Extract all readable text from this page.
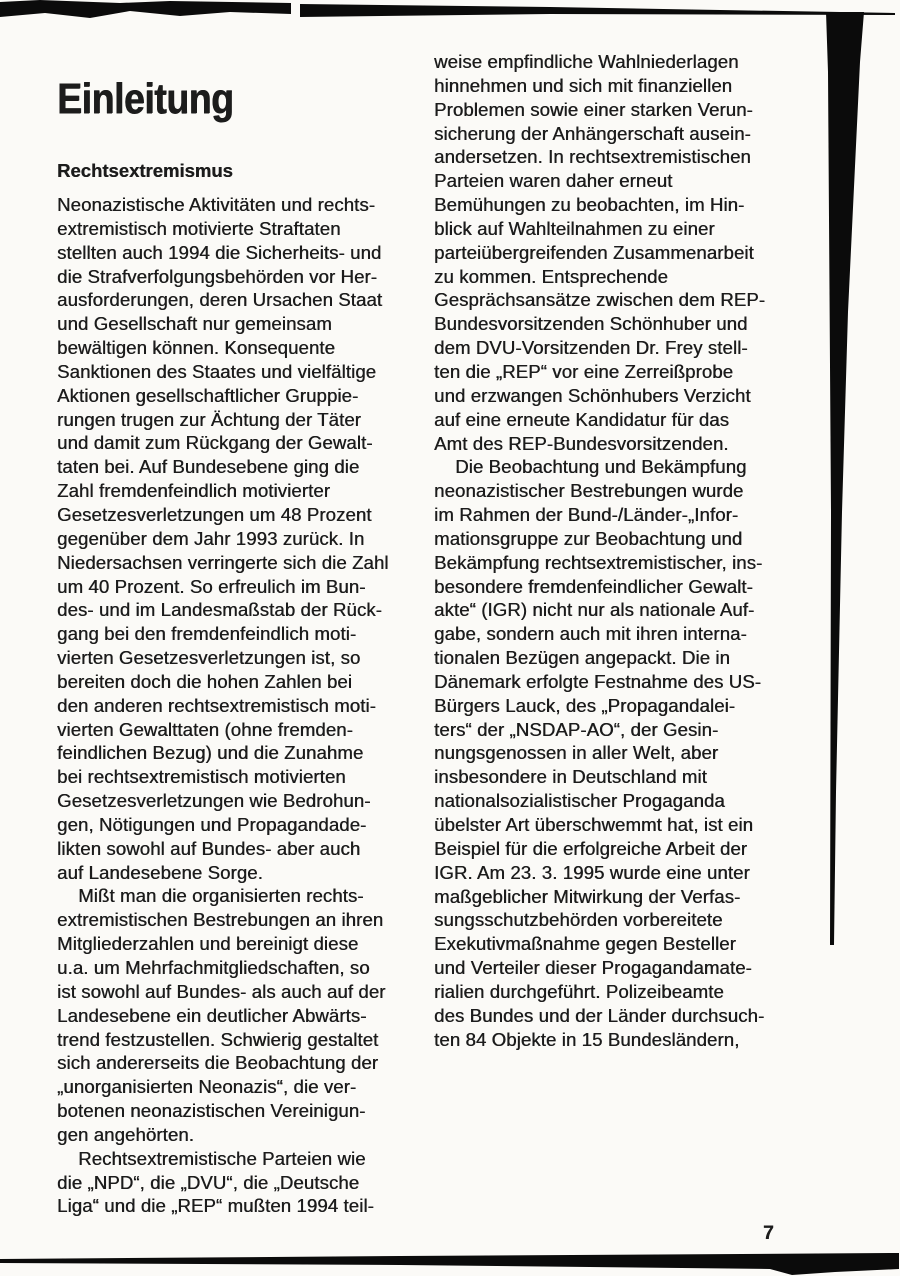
Einleitung
Rechtsextremismus
Neonazistische Aktivitäten und rechts-
extremistisch motivierte Straftaten
stellten auch 1994 die Sicherheits- und
die Strafverfolgungsbehörden vor Her-
ausforderungen, deren Ursachen Staat
und Gesellschaft nur gemeinsam
bewältigen können. Konsequente
Sanktionen des Staates und vielfältige
Aktionen gesellschaftlicher Gruppie-
rungen trugen zur Ächtung der Täter
und damit zum Rückgang der Gewalt-
taten bei. Auf Bundesebene ging die
Zahl fremdenfeindlich motivierter
Gesetzesverletzungen um 48 Prozent
gegenüber dem Jahr 1993 zurück. In
Niedersachsen verringerte sich die Zahl
um 40 Prozent. So erfreulich im Bun-
des- und im Landesmaßstab der Rück-
gang bei den fremdenfeindlich moti-
vierten Gesetzesverletzungen ist, so
bereiten doch die hohen Zahlen bei
den anderen rechtsextremistisch moti-
vierten Gewalttaten (ohne fremden-
feindlichen Bezug) und die Zunahme
bei rechtsextremistisch motivierten
Gesetzesverletzungen wie Bedrohun-
gen, Nötigungen und Propagandade-
likten sowohl auf Bundes- aber auch
auf Landesebene Sorge.
Mißt man die organisierten rechts-
extremistischen Bestrebungen an ihren
Mitgliederzahlen und bereinigt diese
u.a. um Mehrfachmitgliedschaften, so
ist sowohl auf Bundes- als auch auf der
Landesebene ein deutlicher Abwärts-
trend festzustellen. Schwierig gestaltet
sich andererseits die Beobachtung der
„unorganisierten Neonazis“, die ver-
botenen neonazistischen Vereinigun-
gen angehörten.
Rechtsextremistische Parteien wie
die „NPD“, die „DVU“, die „Deutsche
Liga“ und die „REP“ mußten 1994 teil-
weise empfindliche Wahlniederlagen
hinnehmen und sich mit finanziellen
Problemen sowie einer starken Verun-
sicherung der Anhängerschaft ausein-
andersetzen. In rechtsextremistischen
Parteien waren daher erneut
Bemühungen zu beobachten, im Hin-
blick auf Wahlteilnahmen zu einer
parteiübergreifenden Zusammenarbeit
zu kommen. Entsprechende
Gesprächsansätze zwischen dem REP-
Bundesvorsitzenden Schönhuber und
dem DVU-Vorsitzenden Dr. Frey stell-
ten die „REP“ vor eine Zerreißprobe
und erzwangen Schönhubers Verzicht
auf eine erneute Kandidatur für das
Amt des REP-Bundesvorsitzenden.
Die Beobachtung und Bekämpfung
neonazistischer Bestrebungen wurde
im Rahmen der Bund-/Länder-„Infor-
mationsgruppe zur Beobachtung und
Bekämpfung rechtsextremistischer, ins-
besondere fremdenfeindlicher Gewalt-
akte“ (IGR) nicht nur als nationale Auf-
gabe, sondern auch mit ihren interna-
tionalen Bezügen angepackt. Die in
Dänemark erfolgte Festnahme des US-
Bürgers Lauck, des „Propagandalei-
ters“ der „NSDAP-AO“, der Gesin-
nungsgenossen in aller Welt, aber
insbesondere in Deutschland mit
nationalsozialistischer Progaganda
übelster Art überschwemmt hat, ist ein
Beispiel für die erfolgreiche Arbeit der
IGR. Am 23. 3. 1995 wurde eine unter
maßgeblicher Mitwirkung der Verfas-
sungsschutzbehörden vorbereitete
Exekutivmaßnahme gegen Besteller
und Verteiler dieser Progagandamate-
rialien durchgeführt. Polizeibeamte
des Bundes und der Länder durchsuch-
ten 84 Objekte in 15 Bundesländern,
7
